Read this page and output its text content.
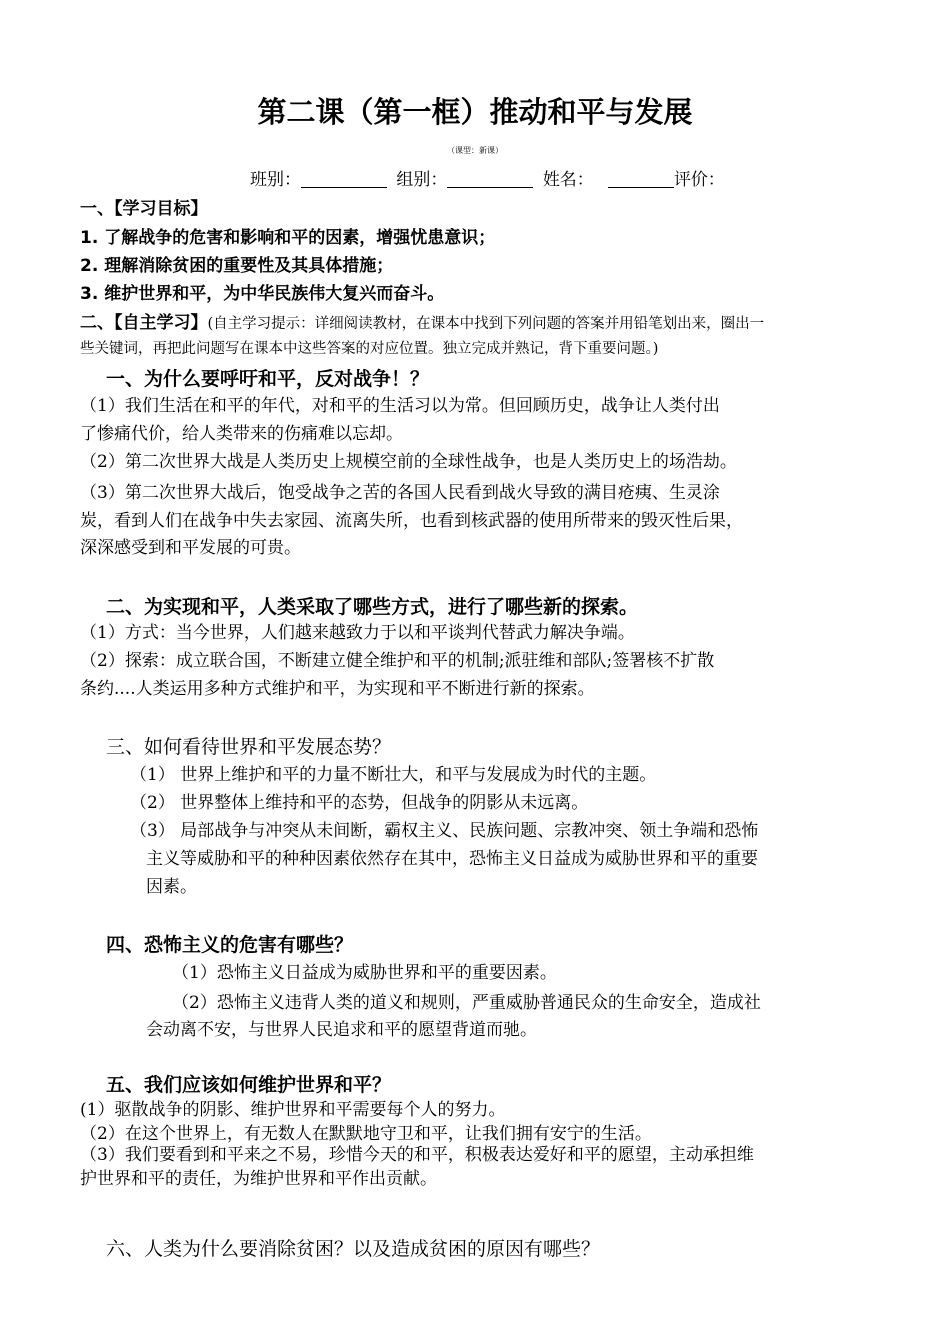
第二课（第一框）推动和平与发展
（课型：新课）
班别：	组别：	姓名：	评价：
一、【学习目标】
1. 了解战争的危害和影响和平的因素，增强忧患意识；
2. 理解消除贫困的重要性及其具体措施；
3. 维护世界和平，为中华民族伟大复兴而奋斗。
二、【自主学习】(自主学习提示：详细阅读教材，在课本中找到下列问题的答案并用铅笔划出来，圈出一
些关键词，再把此问题写在课本中这些答案的对应位置。独立完成并熟记，背下重要问题。)
一、为什么要呼吁和平，反对战争！？
（1）我们生活在和平的年代，对和平的生活习以为常。但回顾历史，战争让人类付出
了惨痛代价，给人类带来的伤痛难以忘却。
（2）第二次世界大战是人类历史上规模空前的全球性战争，也是人类历史上的场浩劫。
（3）第二次世界大战后，饱受战争之苦的各国人民看到战火导致的满目疮痍、生灵涂
炭，看到人们在战争中失去家园、流离失所，也看到核武器的使用所带来的毁灭性后果，
深深感受到和平发展的可贵。
二、为实现和平，人类采取了哪些方式，进行了哪些新的探索。
（1）方式：当今世界，人们越来越致力于以和平谈判代替武力解决争端。
（2）探索：成立联合国，不断建立健全维护和平的机制;派驻维和部队;签署核不扩散
条约....人类运用多种方式维护和平，为实现和平不断进行新的探索。
三、如何看待世界和平发展态势？
（1） 世界上维护和平的力量不断壮大，和平与发展成为时代的主题。
（2） 世界整体上维持和平的态势，但战争的阴影从未远离。
（3） 局部战争与冲突从未间断，霸权主义、民族问题、宗教冲突、领土争端和恐怖
主义等威胁和平的种种因素依然存在其中，恐怖主义日益成为威胁世界和平的重要
因素。
四、恐怖主义的危害有哪些？
（1）恐怖主义日益成为威胁世界和平的重要因素。
（2）恐怖主义违背人类的道义和规则，严重威胁普通民众的生命安全，造成社
会动离不安，与世界人民追求和平的愿望背道而驰。
五、我们应该如何维护世界和平？
(1）驱散战争的阴影、维护世界和平需要每个人的努力。
（2）在这个世界上，有无数人在默默地守卫和平，让我们拥有安宁的生活。
（3）我们要看到和平来之不易，珍惜今天的和平，积极表达爱好和平的愿望，主动承担维
护世界和平的责任，为维护世界和平作出贡献。
六、人类为什么要消除贫困？以及造成贫困的原因有哪些？
